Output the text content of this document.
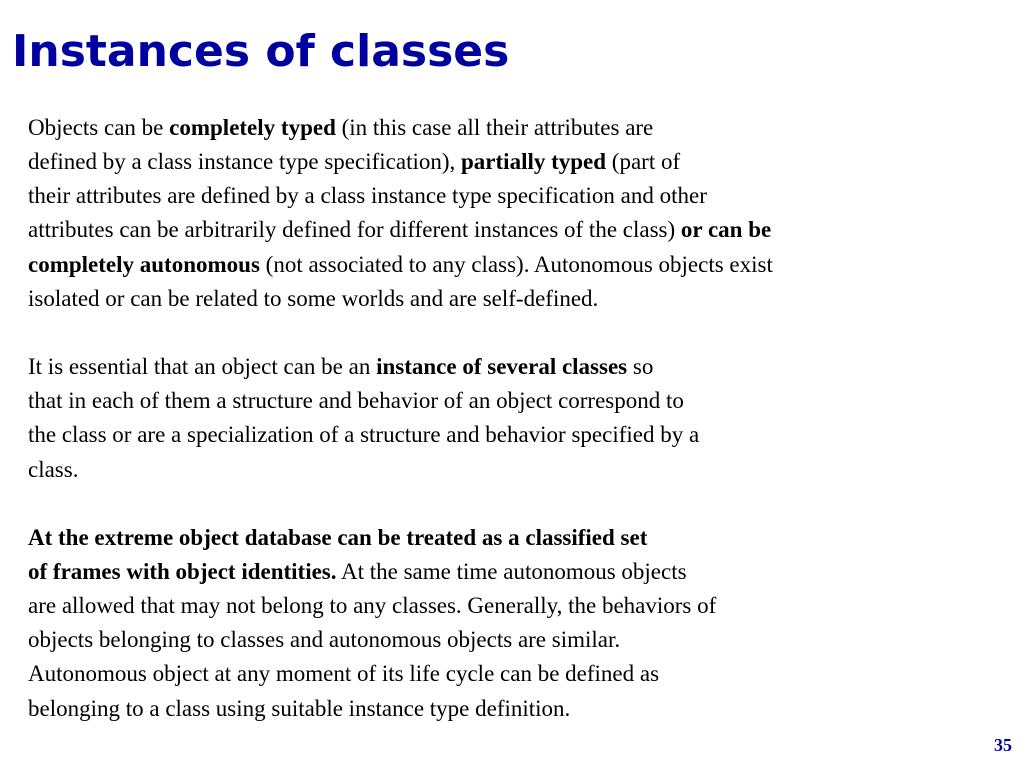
Instances of classes

Objects can be completely typed (in this case all their attributes are
defined by a class instance type specification), partially typed (part of
their attributes are defined by a class instance type specification and other
attributes can be arbitrarily defined for different instances of the class) or can be
completely autonomous (not associated to any class). Autonomous objects exist
isolated or can be related to some worlds and are self-defined.

It is essential that an object can be an instance of several classes so
that in each of them a structure and behavior of an object correspond to
the class or are a specialization of a structure and behavior specified by a
class.

At the extreme object database can be treated as a classified set
of frames with object identities. At the same time autonomous objects
are allowed that may not belong to any classes. Generally, the behaviors of
objects belonging to classes and autonomous objects are similar.
Autonomous object at any moment of its life cycle can be defined as
belonging to a class using suitable instance type definition.

35
